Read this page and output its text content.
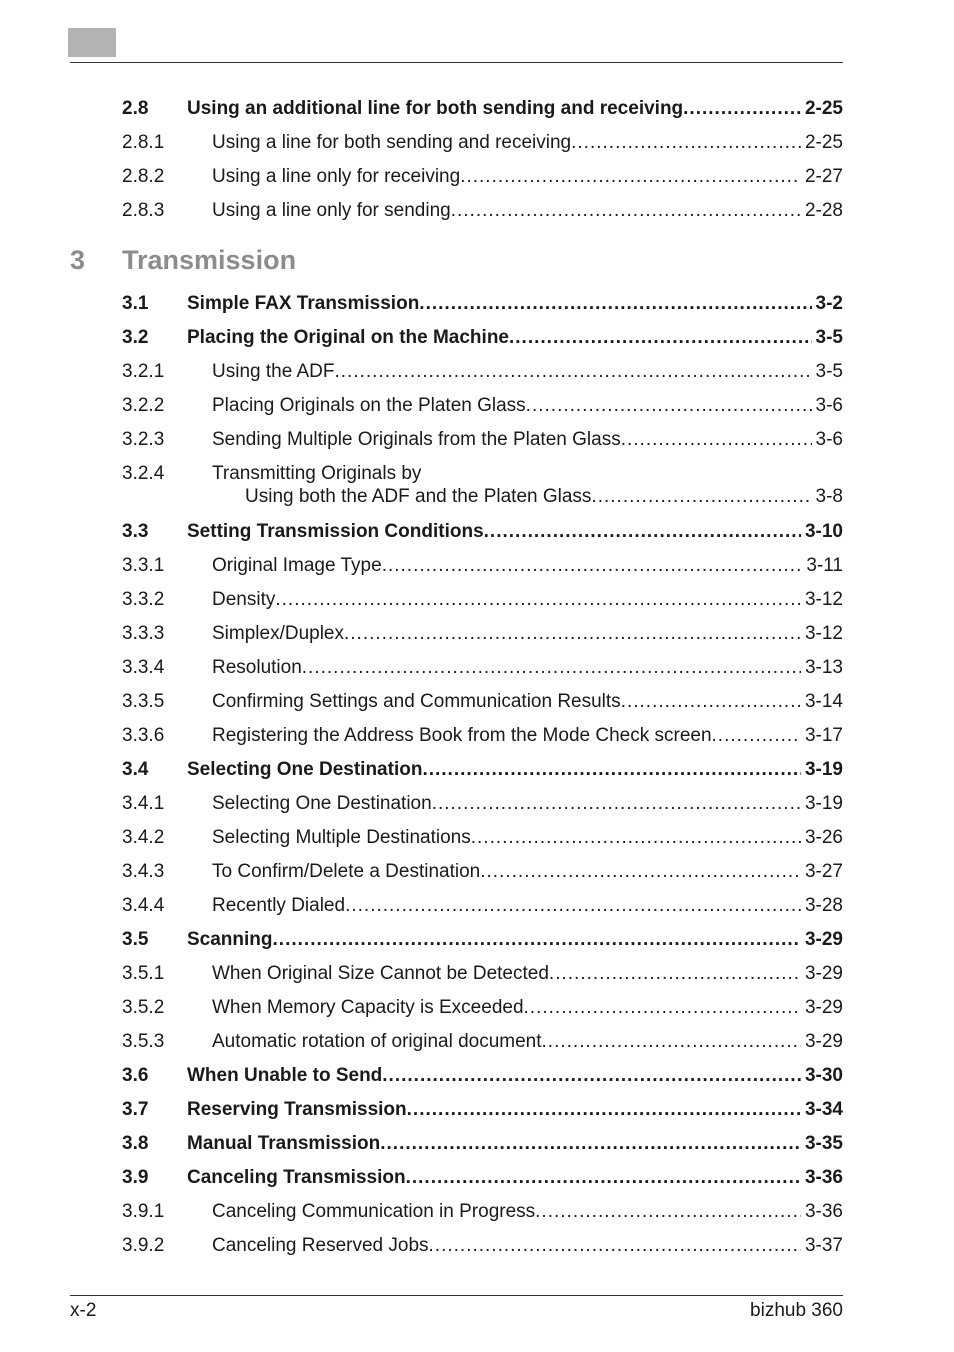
2.8 Using an additional line for both sending and receiving .....	2-25
2.8.1	Using a line for both sending and receiving .....	2-25
2.8.2	Using a line only for receiving .....	2-27
2.8.3	Using a line only for sending .....	2-28
3.1 Simple FAX Transmission .....	3-2
3.2 Placing the Original on the Machine .....	3-5
3.2.1	Using the ADF .....	3-5
3.2.2	Placing Originals on the Platen Glass .....	3-6
3.2.3	Sending Multiple Originals from the Platen Glass .....	3-6
3.2.4	Transmitting Originals by
Using both the ADF and the Platen Glass .....	3-8
3.3 Setting Transmission Conditions .....	3-10
3.3.1	Original Image Type .....	3-11
3.3.2	Density .....	3-12
3.3.3	Simplex/Duplex .....	3-12
3.3.4	Resolution .....	3-13
3.3.5	Confirming Settings and Communication Results .....	3-14
3.3.6	Registering the Address Book from the Mode Check screen .....	3-17
3.4 Selecting One Destination .....	3-19
3.4.1	Selecting One Destination .....	3-19
3.4.2	Selecting Multiple Destinations .....	3-26
3.4.3	To Confirm/Delete a Destination .....	3-27
3.4.4	Recently Dialed .....	3-28
3.5 Scanning .....	3-29
3.5.1	When Original Size Cannot be Detected .....	3-29
3.5.2	When Memory Capacity is Exceeded .....	3-29
3.5.3	Automatic rotation of original document .....	3-29
3.6 When Unable to Send .....	3-30
3.7 Reserving Transmission .....	3-34
3.8 Manual Transmission .....	3-35
3.9 Canceling Transmission .....	3-36
3.9.1	Canceling Communication in Progress .....	3-36
3.9.2	Canceling Reserved Jobs .....	3-37
3 Transmission
x-2	bizhub 360
